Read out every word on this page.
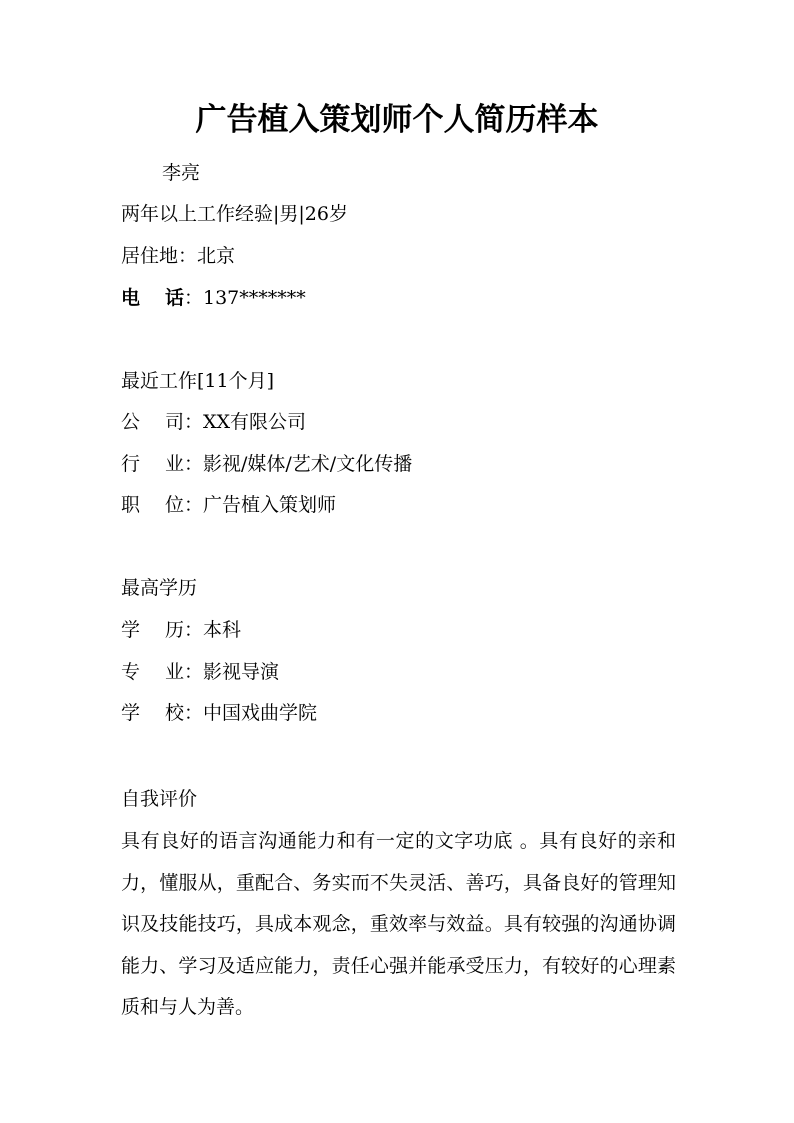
广告植入策划师个人简历样本
李亮
两年以上工作经验|男|26岁
居住地：北京
电话：137*******
最近工作[11个月]
公司：XX有限公司
行业：影视/媒体/艺术/文化传播
职位：广告植入策划师
最高学历
学历：本科
专业：影视导演
学校：中国戏曲学院
自我评价
具有良好的语言沟通能力和有一定的文字功底 。具有良好的亲和力，懂服从，重配合、务实而不失灵活、善巧，具备良好的管理知识及技能技巧，具成本观念，重效率与效益。具有较强的沟通协调能力、学习及适应能力，责任心强并能承受压力，有较好的心理素质和与人为善。
